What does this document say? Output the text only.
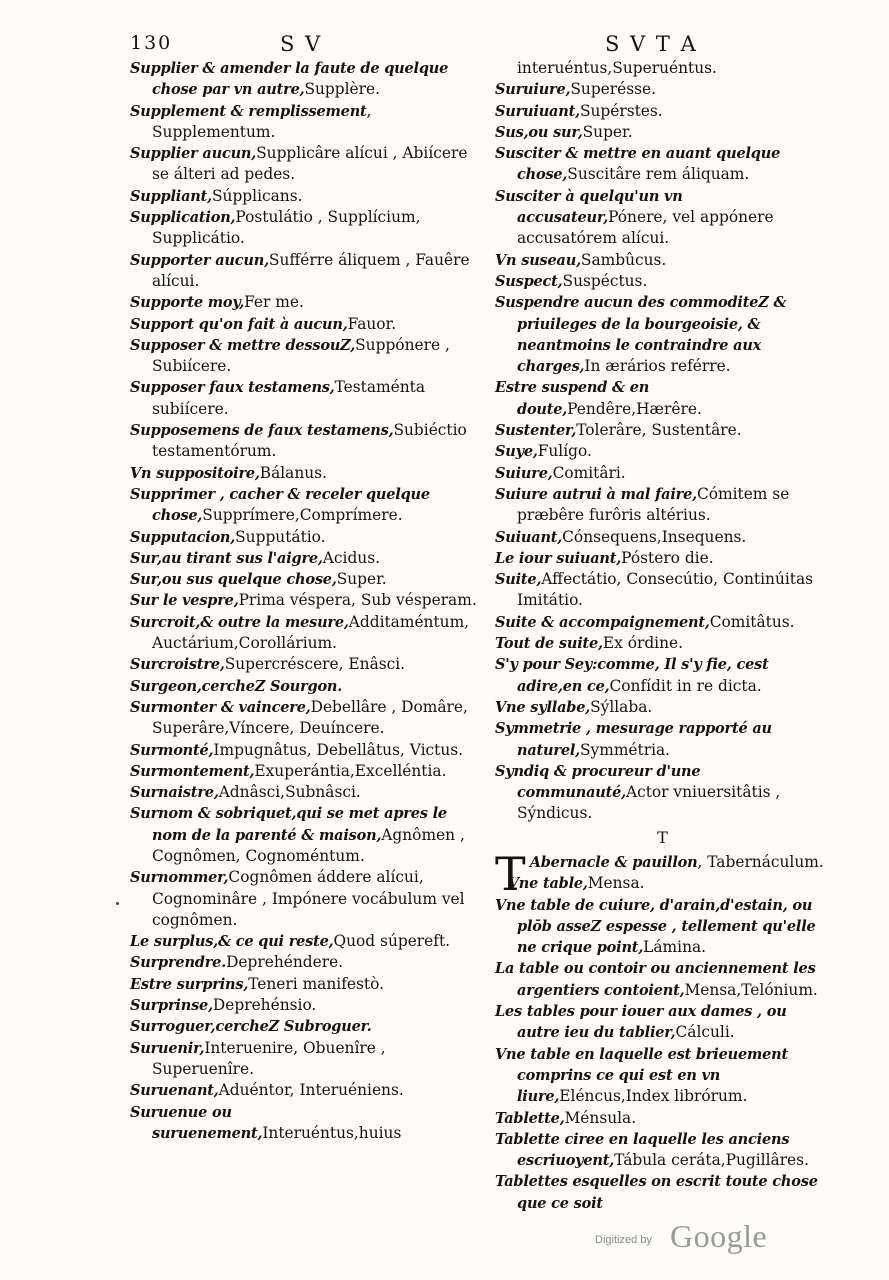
130	S V	S V T A

Supplier & amender la faute de quelque chose par vn autre,Supplère.

Supplement & remplissement, Supplementum.

Supplier aucun,Supplicâre alícui , Abiícere se álteri ad pedes.

Suppliant,Súpplicans.

Supplication,Postulátio , Supplícium, Supplicátio.

Supporter aucun,Sufférre áliquem , Fauêre alícui.

Supporte moy,Fer me.

Support qu'on fait à aucun,Fauor.

Supposer & mettre dessouZ,Suppónere , Subiícere.

Supposer faux testamens,Testaménta subiícere.

Supposemens de faux testamens,Subiéctio testamentórum.

Vn suppositoire,Bálanus.

Supprimer , cacher & receler quelque chose,Supprímere,Comprímere.

Supputacion,Supputátio.

Sur,au tirant sus l'aigre,Acidus.

Sur,ou sus quelque chose,Super.

Sur le vespre,Prima véspera, Sub vésperam.

Surcroit,& outre la mesure,Additaméntum, Auctárium,Corollárium.

Surcroistre,Supercréscere, Enâsci.

Surgeon,cercheZ Sourgon.

Surmonter & vaincere,Debellâre , Domâre, Superâre,Víncere, Deuíncere.

Surmonté,Impugnâtus, Debellâtus, Victus.

Surmontement,Exuperántia,Excelléntia.

Surnaistre,Adnâsci,Subnâsci.

Surnom & sobriquet,qui se met apres le nom de la parenté & maison,Agnômen , Cognômen, Cognoméntum.

Surnommer,Cognômen áddere alícui, Cognominâre , Impónere vocábulum vel cognômen.

Le surplus,& ce qui reste,Quod súpereft.

Surprendre.Deprehéndere.

Estre surprins,Teneri manifestò.

Surprinse,Deprehénsio.

Surroguer,cercheZ Subroguer.

Suruenir,Interuenire, Obuenîre , Superuenîre.

Suruenant,Aduéntor, Interuéniens.

Suruenue ou suruenement,Interuéntus,huius

interuéntus,Superuéntus.

Suruiure,Superésse.

Suruiuant,Supérstes.

Sus,ou sur,Super.

Susciter & mettre en auant quelque chose,Suscitâre rem áliquam.

Susciter à quelqu'un vn accusateur,Pónere, vel appónere accusatórem alícui.

Vn suseau,Sambûcus.

Suspect,Suspéctus.

Suspendre aucun des commoditeZ & priuileges de la bourgeoisie, & neantmoins le contraindre aux charges,In ærários reférre.

Estre suspend & en doute,Pendêre,Hærêre.

Sustenter,Tolerâre, Sustentâre.

Suye,Fulígo.

Suiure,Comitâri.

Suiure autrui à mal faire,Cómitem se præbêre furôris altérius.

Suiuant,Cónsequens,Insequens.

Le iour suiuant,Póstero die.

Suite,Affectátio, Consecútio, Continúitas Imitátio.

Suite & accompaignement,Comitâtus.

Tout de suite,Ex órdine.

S'y pour Sey:comme, Il s'y fie, cest adire,en ce,Confídit in re dicta.

Vne syllabe,Sýllaba.

Symmetrie , mesurage rapporté au naturel,Symmétria.

Syndiq & procureur d'une communauté,Actor vniuersitâtis , Sýndicus.

T

T Abernacle & pauillon, Tabernáculum.

Vne table,Mensa.

Vne table de cuiure, d'arain,d'estain, ou plōb asseZ espesse , tellement qu'elle ne crique point,Lámina.

La table ou contoir ou anciennement les argentiers contoient,Mensa,Telónium.

Les tables pour iouer aux dames , ou autre ieu du tablier,Cálculi.

Vne table en laquelle est brieuement comprins ce qui est en vn liure,Eléncus,Index librórum.

Tablette,Ménsula.

Tablette ciree en laquelle les anciens escriuoyent,Tábula ceráta,Pugillâres.

Tablettes esquelles on escrit toute chose que ce soit

Digitized by Google
